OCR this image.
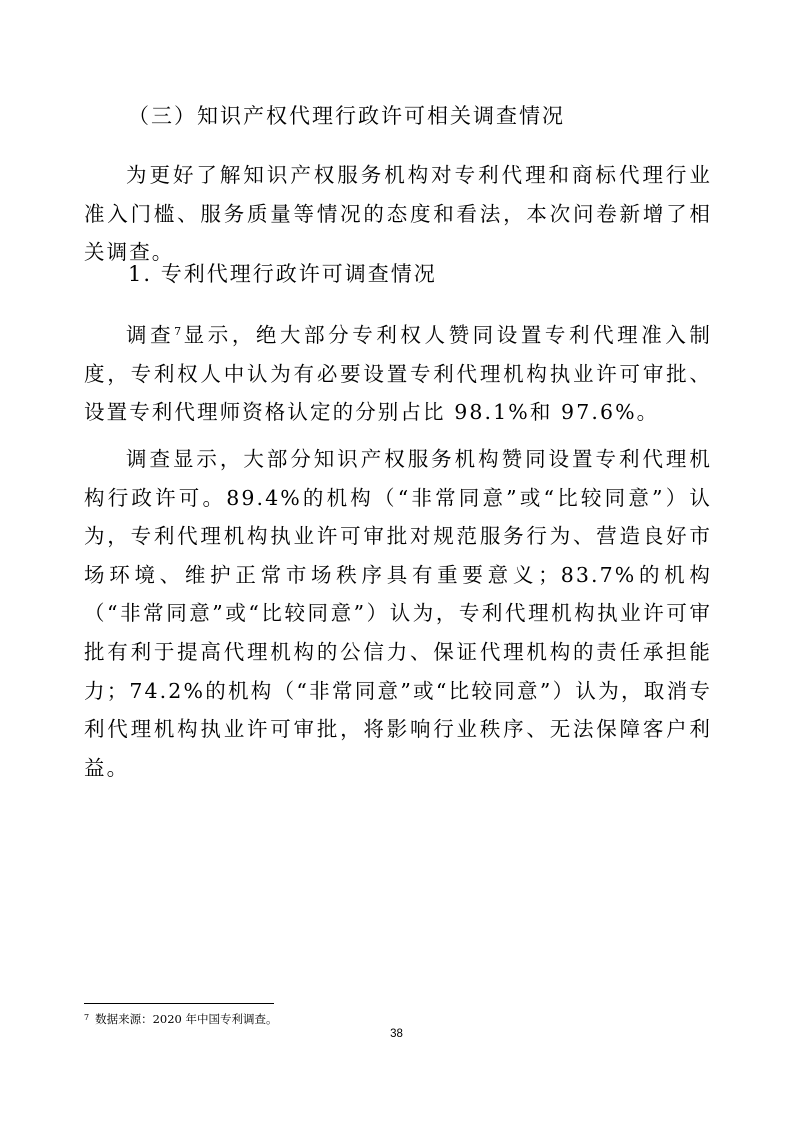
（三）知识产权代理行政许可相关调查情况

为更好了解知识产权服务机构对专利代理和商标代理行业准入门槛、服务质量等情况的态度和看法，本次问卷新增了相关调查。

1. 专利代理行政许可调查情况

调查$^7$显示，绝大部分专利权人赞同设置专利代理准入制度，专利权人中认为有必要设置专利代理机构执业许可审批、设置专利代理师资格认定的分别占比 98.1%和 97.6%。

调查显示，大部分知识产权服务机构赞同设置专利代理机构行政许可。89.4%的机构（“非常同意”或“比较同意”）认为，专利代理机构执业许可审批对规范服务行为、营造良好市场环境、维护正常市场秩序具有重要意义；83.7%的机构（“非常同意”或“比较同意”）认为，专利代理机构执业许可审批有利于提高代理机构的公信力、保证代理机构的责任承担能力；74.2%的机构（“非常同意”或“比较同意”）认为，取消专利代理机构执业许可审批，将影响行业秩序、无法保障客户利益。

$^7$ 数据来源：2020 年中国专利调查。
38
